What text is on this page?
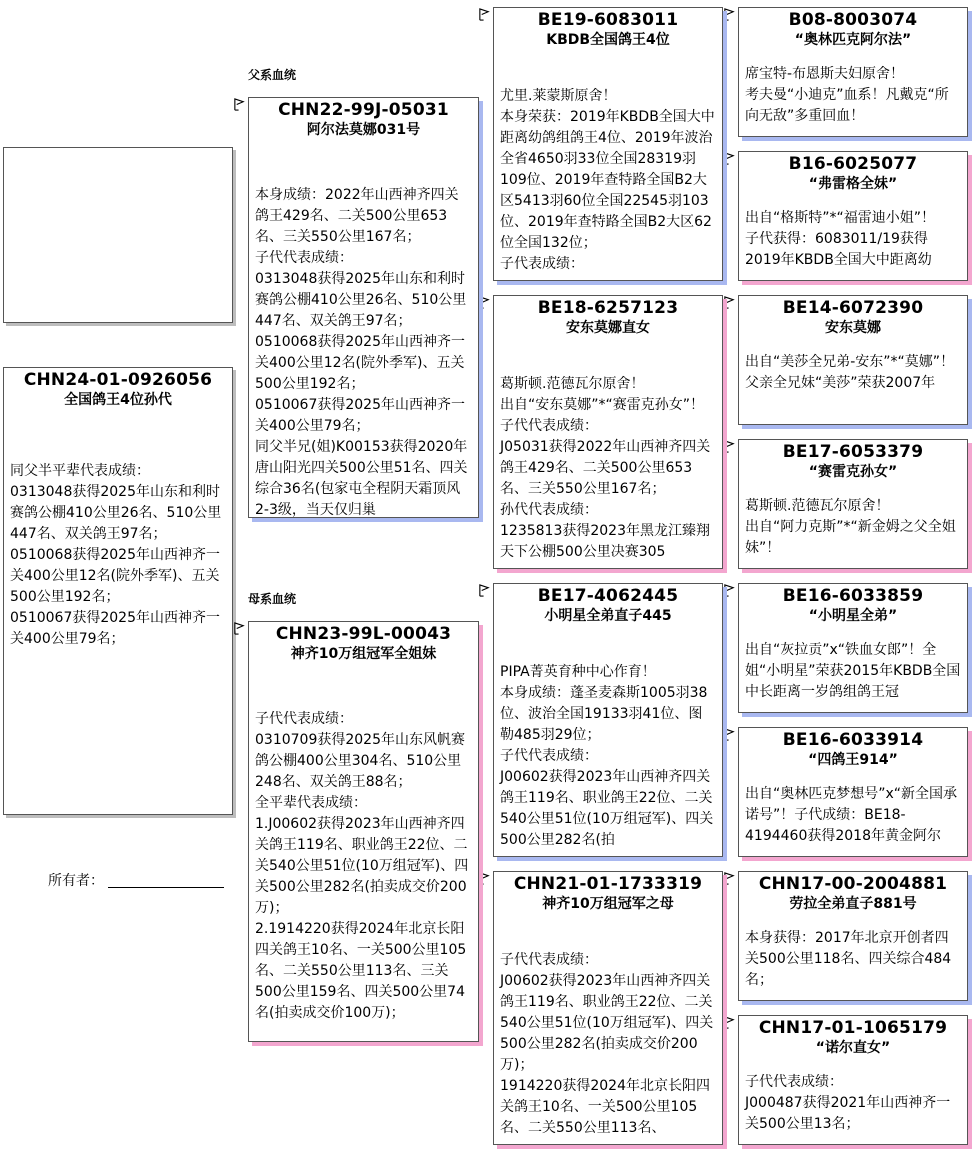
CHN24-01-0926056
全国鸽王4位孙代
同父半平辈代表成绩：
0313048获得2025年山东和利时赛鸽公棚410公里26名、510公里447名、双关鸽王97名；
0510068获得2025年山西神齐一关400公里12名(院外季军)、五关500公里192名；
0510067获得2025年山西神齐一关400公里79名；
所有者：
父系血统
母系血统
CHN22-99J-05031
阿尔法莫娜031号
本身成绩：2022年山西神齐四关鸽王429名、二关500公里653名、三关550公里167名；
子代代表成绩：
0313048获得2025年山东和利时赛鸽公棚410公里26名、510公里447名、双关鸽王97名；
0510068获得2025年山西神齐一关400公里12名(院外季军)、五关500公里192名；
0510067获得2025年山西神齐一关400公里79名；
同父半兄(姐)K00153获得2020年唐山阳光四关500公里51名、四关综合36名(包家屯全程阴天霜顶风2-3级，当天仅归巢
CHN23-99L-00043
神齐10万组冠军全姐妹
子代代表成绩：
0310709获得2025年山东风帆赛鸽公棚400公里304名、510公里248名、双关鸽王88名；
全平辈代表成绩：
1.J00602获得2023年山西神齐四关鸽王119名、职业鸽王22位、二关540公里51位(10万组冠军)、四关500公里282名(拍卖成交价200万)；
2.1914220获得2024年北京长阳四关鸽王10名、一关500公里105名、二关550公里113名、三关500公里159名、四关500公里74名(拍卖成交价100万)；
BE19-6083011
KBDB全国鸽王4位
尤里.莱蒙斯原舍！
本身荣获：2019年KBDB全国大中距离幼鸽组鸽王4位、2019年波治全省4650羽33位全国28319羽109位、2019年查特路全国B2大区5413羽60位全国22545羽103位、2019年查特路全国B2大区62位全国132位；
子代表成绩：
BE18-6257123
安东莫娜直女
葛斯顿.范德瓦尔原舍！
出自“安东莫娜”*“赛雷克孙女”！
子代代表成绩：
J05031获得2022年山西神齐四关鸽王429名、二关500公里653名、三关550公里167名；
孙代代表成绩：
1235813获得2023年黑龙江臻翔天下公棚500公里决赛305
BE17-4062445
小明星全弟直子445
PIPA菁英育种中心作育！
本身成绩：蓬圣麦森斯1005羽38位、波治全国19133羽41位、图勒485羽29位；
子代代表成绩：
J00602获得2023年山西神齐四关鸽王119名、职业鸽王22位、二关540公里51位(10万组冠军)、四关500公里282名(拍
CHN21-01-1733319
神齐10万组冠军之母
子代代表成绩：
J00602获得2023年山西神齐四关鸽王119名、职业鸽王22位、二关540公里51位(10万组冠军)、四关500公里282名(拍卖成交价200万)；
1914220获得2024年北京长阳四关鸽王10名、一关500公里105名、二关550公里113名、
B08-8003074
“奥林匹克阿尔法”
席宝特-布恩斯夫妇原舍！
考夫曼“小迪克”血系！凡戴克“所向无敌”多重回血！
B16-6025077
“弗雷格全妹”
出自“格斯特”*“福雷迪小姐”！
子代获得：6083011/19获得2019年KBDB全国大中距离幼
BE14-6072390
安东莫娜
出自“美莎全兄弟-安东”*“莫娜”！
父亲全兄妹“美莎”荣获2007年
BE17-6053379
“赛雷克孙女”
葛斯顿.范德瓦尔原舍！
出自“阿力克斯”*“新金姆之父全姐妹”！
BE16-6033859
“小明星全弟”
出自“灰拉贡”x“铁血女郎”！全姐“小明星”荣获2015年KBDB全国中长距离一岁鸽组鸽王冠
BE16-6033914
“四鸽王914”
出自“奥林匹克梦想号”x“新全国承诺号”！子代成绩：BE18-4194460获得2018年黄金阿尔
CHN17-00-2004881
劳拉全弟直子881号
本身获得：2017年北京开创者四关500公里118名、四关综合484名；
CHN17-01-1065179
“诺尔直女”
子代代表成绩：
J000487获得2021年山西神齐一关500公里13名；
